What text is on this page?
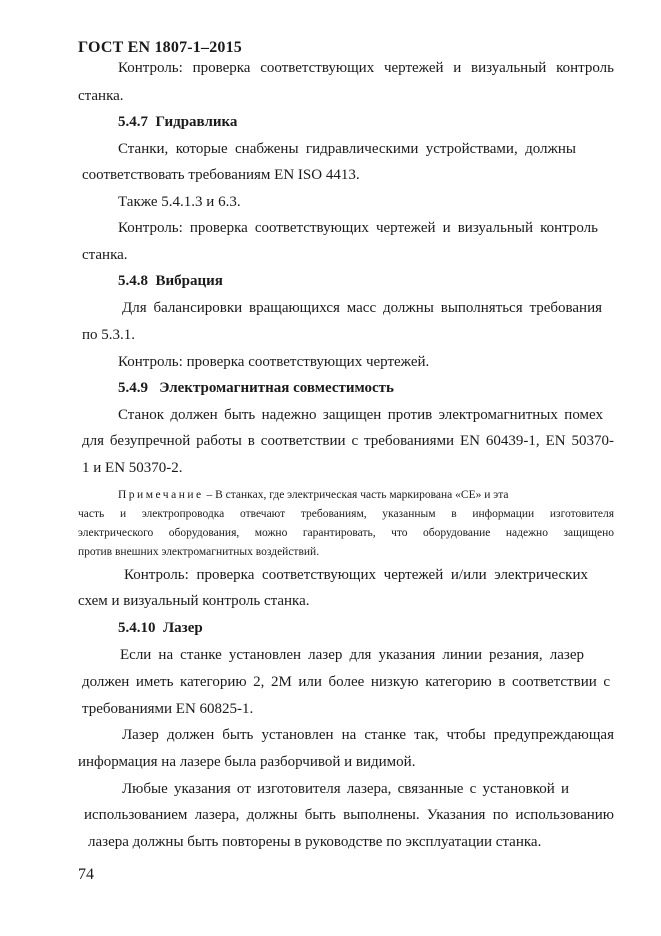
ГОСТ EN 1807-1–2015
Контроль: проверка соответствующих чертежей и визуальный контроль
станка.
5.4.7 Гидравлика
Станки, которые снабжены гидравлическими устройствами, должны
соответствовать требованиям EN ISO 4413.
Также 5.4.1.3 и 6.3.
Контроль: проверка соответствующих чертежей и визуальный контроль
станка.
5.4.8 Вибрация
Для балансировки вращающихся масс должны выполняться требования
по 5.3.1.
Контроль: проверка соответствующих чертежей.
5.4.9 Электромагнитная совместимость
Станок должен быть надежно защищен против электромагнитных помех
для безупречной работы в соответствии с требованиями EN 60439-1, EN 50370-
1 и EN 50370-2.
Примечание – В станках, где электрическая часть маркирована «CE» и эта
часть и электропроводка отвечают требованиям, указанным в информации изготовителя
электрического оборудования, можно гарантировать, что оборудование надежно защищено
против внешних электромагнитных воздействий.
Контроль: проверка соответствующих чертежей и/или электрических
схем и визуальный контроль станка.
5.4.10 Лазер
Если на станке установлен лазер для указания линии резания, лазер
должен иметь категорию 2, 2M или более низкую категорию в соответствии с
требованиями EN 60825-1.
Лазер должен быть установлен на станке так, чтобы предупреждающая
информация на лазере была разборчивой и видимой.
Любые указания от изготовителя лазера, связанные с установкой и
использованием лазера, должны быть выполнены. Указания по использованию
лазера должны быть повторены в руководстве по эксплуатации станка.
74
